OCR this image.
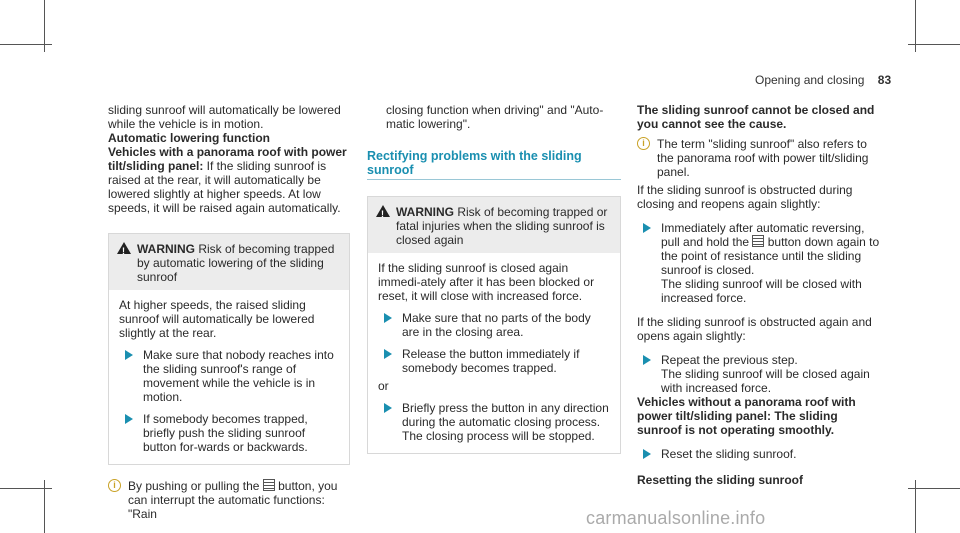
Opening and closing 83

sliding sunroof will automatically be lowered while the vehicle is in motion.

Automatic lowering function

Vehicles with a panorama roof with power tilt/sliding panel: If the sliding sunroof is raised at the rear, it will automatically be lowered slightly at higher speeds. At low speeds, it will be raised again automatically.

!
WARNING Risk of becoming trapped by automatic lowering of the sliding sunroof

At higher speeds, the raised sliding sunroof will automatically be lowered slightly at the rear.

Make sure that nobody reaches into the sliding sunroof's range of movement while the vehicle is in motion.
If somebody becomes trapped, briefly push the sliding sunroof button for-wards or backwards.
i	By pushing or pulling the  button, you can interrupt the automatic functions: "Rain

closing function when driving" and "Auto-matic lowering".

Rectifying problems with the sliding sunroof
!
WARNING Risk of becoming trapped or fatal injuries when the sliding sunroof is closed again

If the sliding sunroof is closed again immedi-ately after it has been blocked or reset, it will close with increased force.

Make sure that no parts of the body are in the closing area.
Release the button immediately if somebody becomes trapped.

or

Briefly press the button in any direction during the automatic closing process. The closing process will be stopped.

The sliding sunroof cannot be closed and you cannot see the cause.

i	The term "sliding sunroof" also refers to the panorama roof with power tilt/sliding panel.

If the sliding sunroof is obstructed during closing and reopens again slightly:

Immediately after automatic reversing, pull and hold the  button down again to the point of resistance until the sliding sunroof is closed.
The sliding sunroof will be closed with increased force.

If the sliding sunroof is obstructed again and opens again slightly:

Repeat the previous step.
The sliding sunroof will be closed again with increased force.

Vehicles without a panorama roof with power tilt/sliding panel: The sliding sunroof is not operating smoothly.

Reset the sliding sunroof.

Resetting the sliding sunroof

carmanualsonline.info
